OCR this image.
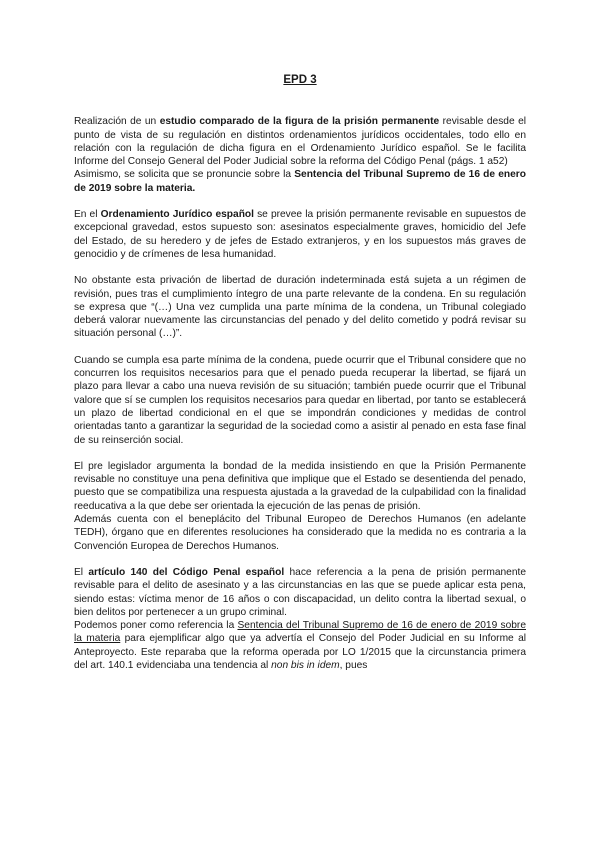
EPD 3

Realización de un estudio comparado de la figura de la prisión permanente revisable desde el punto de vista de su regulación en distintos ordenamientos jurídicos occidentales, todo ello en relación con la regulación de dicha figura en el Ordenamiento Jurídico español. Se le facilita Informe del Consejo General del Poder Judicial sobre la reforma del Código Penal (págs. 1 a52)

Asimismo, se solicita que se pronuncie sobre la Sentencia del Tribunal Supremo de 16 de enero de 2019 sobre la materia.

En el Ordenamiento Jurídico español se prevee la prisión permanente revisable en supuestos de excepcional gravedad, estos supuesto son: asesinatos especialmente graves, homicidio del Jefe del Estado, de su heredero y de jefes de Estado extranjeros, y en los supuestos más graves de genocidio y de crímenes de lesa humanidad.

No obstante esta privación de libertad de duración indeterminada está sujeta a un régimen de revisión, pues tras el cumplimiento íntegro de una parte relevante de la condena. En su regulación se expresa que “(…) Una vez cumplida una parte mínima de la condena, un Tribunal colegiado deberá valorar nuevamente las circunstancias del penado y del delito cometido y podrá revisar su situación personal (…)”.

Cuando se cumpla esa parte mínima de la condena, puede ocurrir que el Tribunal considere que no concurren los requisitos necesarios para que el penado pueda recuperar la libertad, se fijará un plazo para llevar a cabo una nueva revisión de su situación; también puede ocurrir que el Tribunal valore que sí se cumplen los requisitos necesarios para quedar en libertad, por tanto se establecerá un plazo de libertad condicional en el que se impondrán condiciones y medidas de control orientadas tanto a garantizar la seguridad de la sociedad como a asistir al penado en esta fase final de su reinserción social.

El pre legislador argumenta la bondad de la medida insistiendo en que la Prisión Permanente revisable no constituye una pena definitiva que implique que el Estado se desentienda del penado, puesto que se compatibiliza una respuesta ajustada a la gravedad de la culpabilidad con la finalidad reeducativa a la que debe ser orientada la ejecución de las penas de prisión.

Además cuenta con el beneplácito del Tribunal Europeo de Derechos Humanos (en adelante TEDH), órgano que en diferentes resoluciones ha considerado que la medida no es contraria a la Convención Europea de Derechos Humanos.

El artículo 140 del Código Penal español hace referencia a la pena de prisión permanente revisable para el delito de asesinato y a las circunstancias en las que se puede aplicar esta pena, siendo estas: víctima menor de 16 años o con discapacidad, un delito contra la libertad sexual, o bien delitos por pertenecer a un grupo criminal.

Podemos poner como referencia la Sentencia del Tribunal Supremo de 16 de enero de 2019 sobre la materia para ejemplificar algo que ya advertía el Consejo del Poder Judicial en su Informe al Anteproyecto. Este reparaba que la reforma operada por LO 1/2015 que la circunstancia primera del art. 140.1 evidenciaba una tendencia al non bis in idem, pues
